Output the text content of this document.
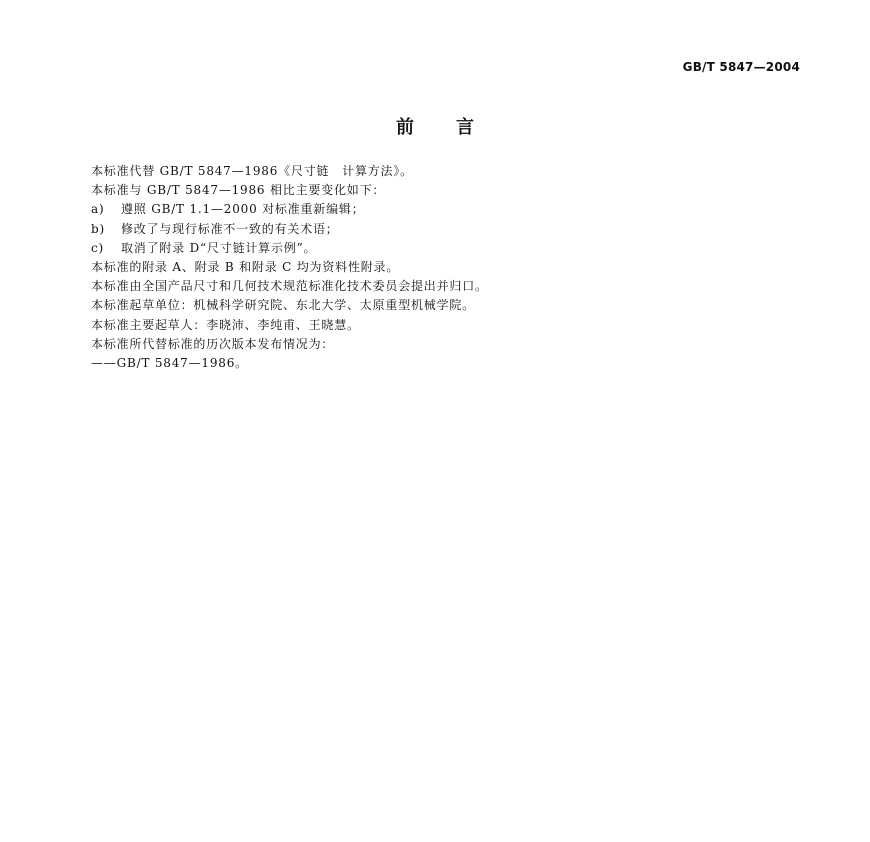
GB/T 5847—2004
前 言
本标准代替 GB/T 5847—1986《尺寸链　计算方法》。
本标准与 GB/T 5847—1986 相比主要变化如下：
a) 遵照 GB/T 1.1—2000 对标准重新编辑；
b) 修改了与现行标准不一致的有关术语；
c) 取消了附录 D“尺寸链计算示例”。
本标准的附录 A、附录 B 和附录 C 均为资料性附录。
本标准由全国产品尺寸和几何技术规范标准化技术委员会提出并归口。
本标准起草单位：机械科学研究院、东北大学、太原重型机械学院。
本标准主要起草人：李晓沛、李纯甫、王晓慧。
本标准所代替标准的历次版本发布情况为：
——GB/T 5847—1986。
